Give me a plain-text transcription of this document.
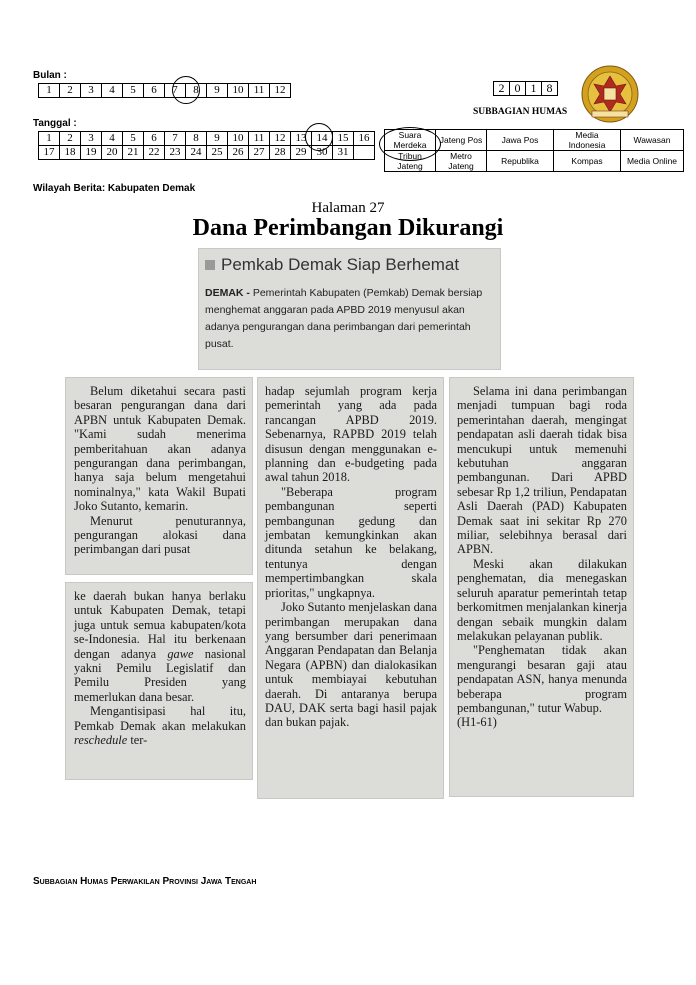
Bulan :
1	2	3	4	5	6	7	8	9	10	11	12
Tanggal :
1	2	3	4	5	6	7	8	9	10	11	12	13	14	15	16
17	18	19	20	21	22	23	24	25	26	27	28	29	30	31	
2	0	1	8
SUBBAGIAN HUMAS
Suara Merdeka	Jateng Pos	Jawa Pos	Media Indonesia	Wawasan
Tribun Jateng	Metro Jateng	Republika	Kompas	Media Online
Wilayah Berita: Kabupaten Demak
Halaman 27
Dana Perimbangan Dikurangi
Pemkab Demak Siap Berhemat
DEMAK - Pemerintah Kabupaten (Pemkab) Demak bersiap menghemat anggaran pada APBD 2019 menyusul akan adanya pengurangan dana perimbangan dari pemerintah pusat.

Belum diketahui secara pasti besaran pengurangan dana dari APBN untuk Kabupaten Demak. "Kami sudah menerima pemberitahuan akan adanya pengurangan dana perimbangan, hanya saja belum mengetahui nominalnya," kata Wakil Bupati Joko Sutanto, kemarin.

Menurut penuturannya, pengurangan alokasi dana perimbangan dari pusat

ke daerah bukan hanya berlaku untuk Kabupaten Demak, tetapi juga untuk semua kabupaten/kota se-Indonesia. Hal itu berkenaan dengan adanya gawe nasional yakni Pemilu Legislatif dan Pemilu Presiden yang memerlukan dana besar.

Mengantisipasi hal itu, Pemkab Demak akan melakukan reschedule ter-

hadap sejumlah program kerja pemerintah yang ada pada rancangan APBD 2019. Sebenarnya, RAPBD 2019 telah disusun dengan menggunakan e-planning dan e-budgeting pada awal tahun 2018.

"Beberapa program pembangunan seperti pembangunan gedung dan jembatan kemungkinkan akan ditunda setahun ke belakang, tentunya dengan mempertimbangkan skala prioritas," ungkapnya.

Joko Sutanto menjelaskan dana perimbangan merupakan dana yang bersumber dari penerimaan Anggaran Pendapatan dan Belanja Negara (APBN) dan dialokasikan untuk membiayai kebutuhan daerah. Di antaranya berupa DAU, DAK serta bagi hasil pajak dan bukan pajak.

Selama ini dana perimbangan menjadi tumpuan bagi roda pemerintahan daerah, mengingat pendapatan asli daerah tidak bisa mencukupi untuk memenuhi kebutuhan anggaran pembangunan. Dari APBD sebesar Rp 1,2 triliun, Pendapatan Asli Daerah (PAD) Kabupaten Demak saat ini sekitar Rp 270 miliar, selebihnya berasal dari APBN.

Meski akan dilakukan penghematan, dia menegaskan seluruh aparatur pemerintah tetap berkomitmen menjalankan kinerja dengan sebaik mungkin dalam melakukan pelayanan publik.

"Penghematan tidak akan mengurangi besaran gaji atau pendapatan ASN, hanya menunda beberapa program pembangunan," tutur Wabup.

(H1-61)

Subbagian Humas Perwakilan Provinsi Jawa Tengah
